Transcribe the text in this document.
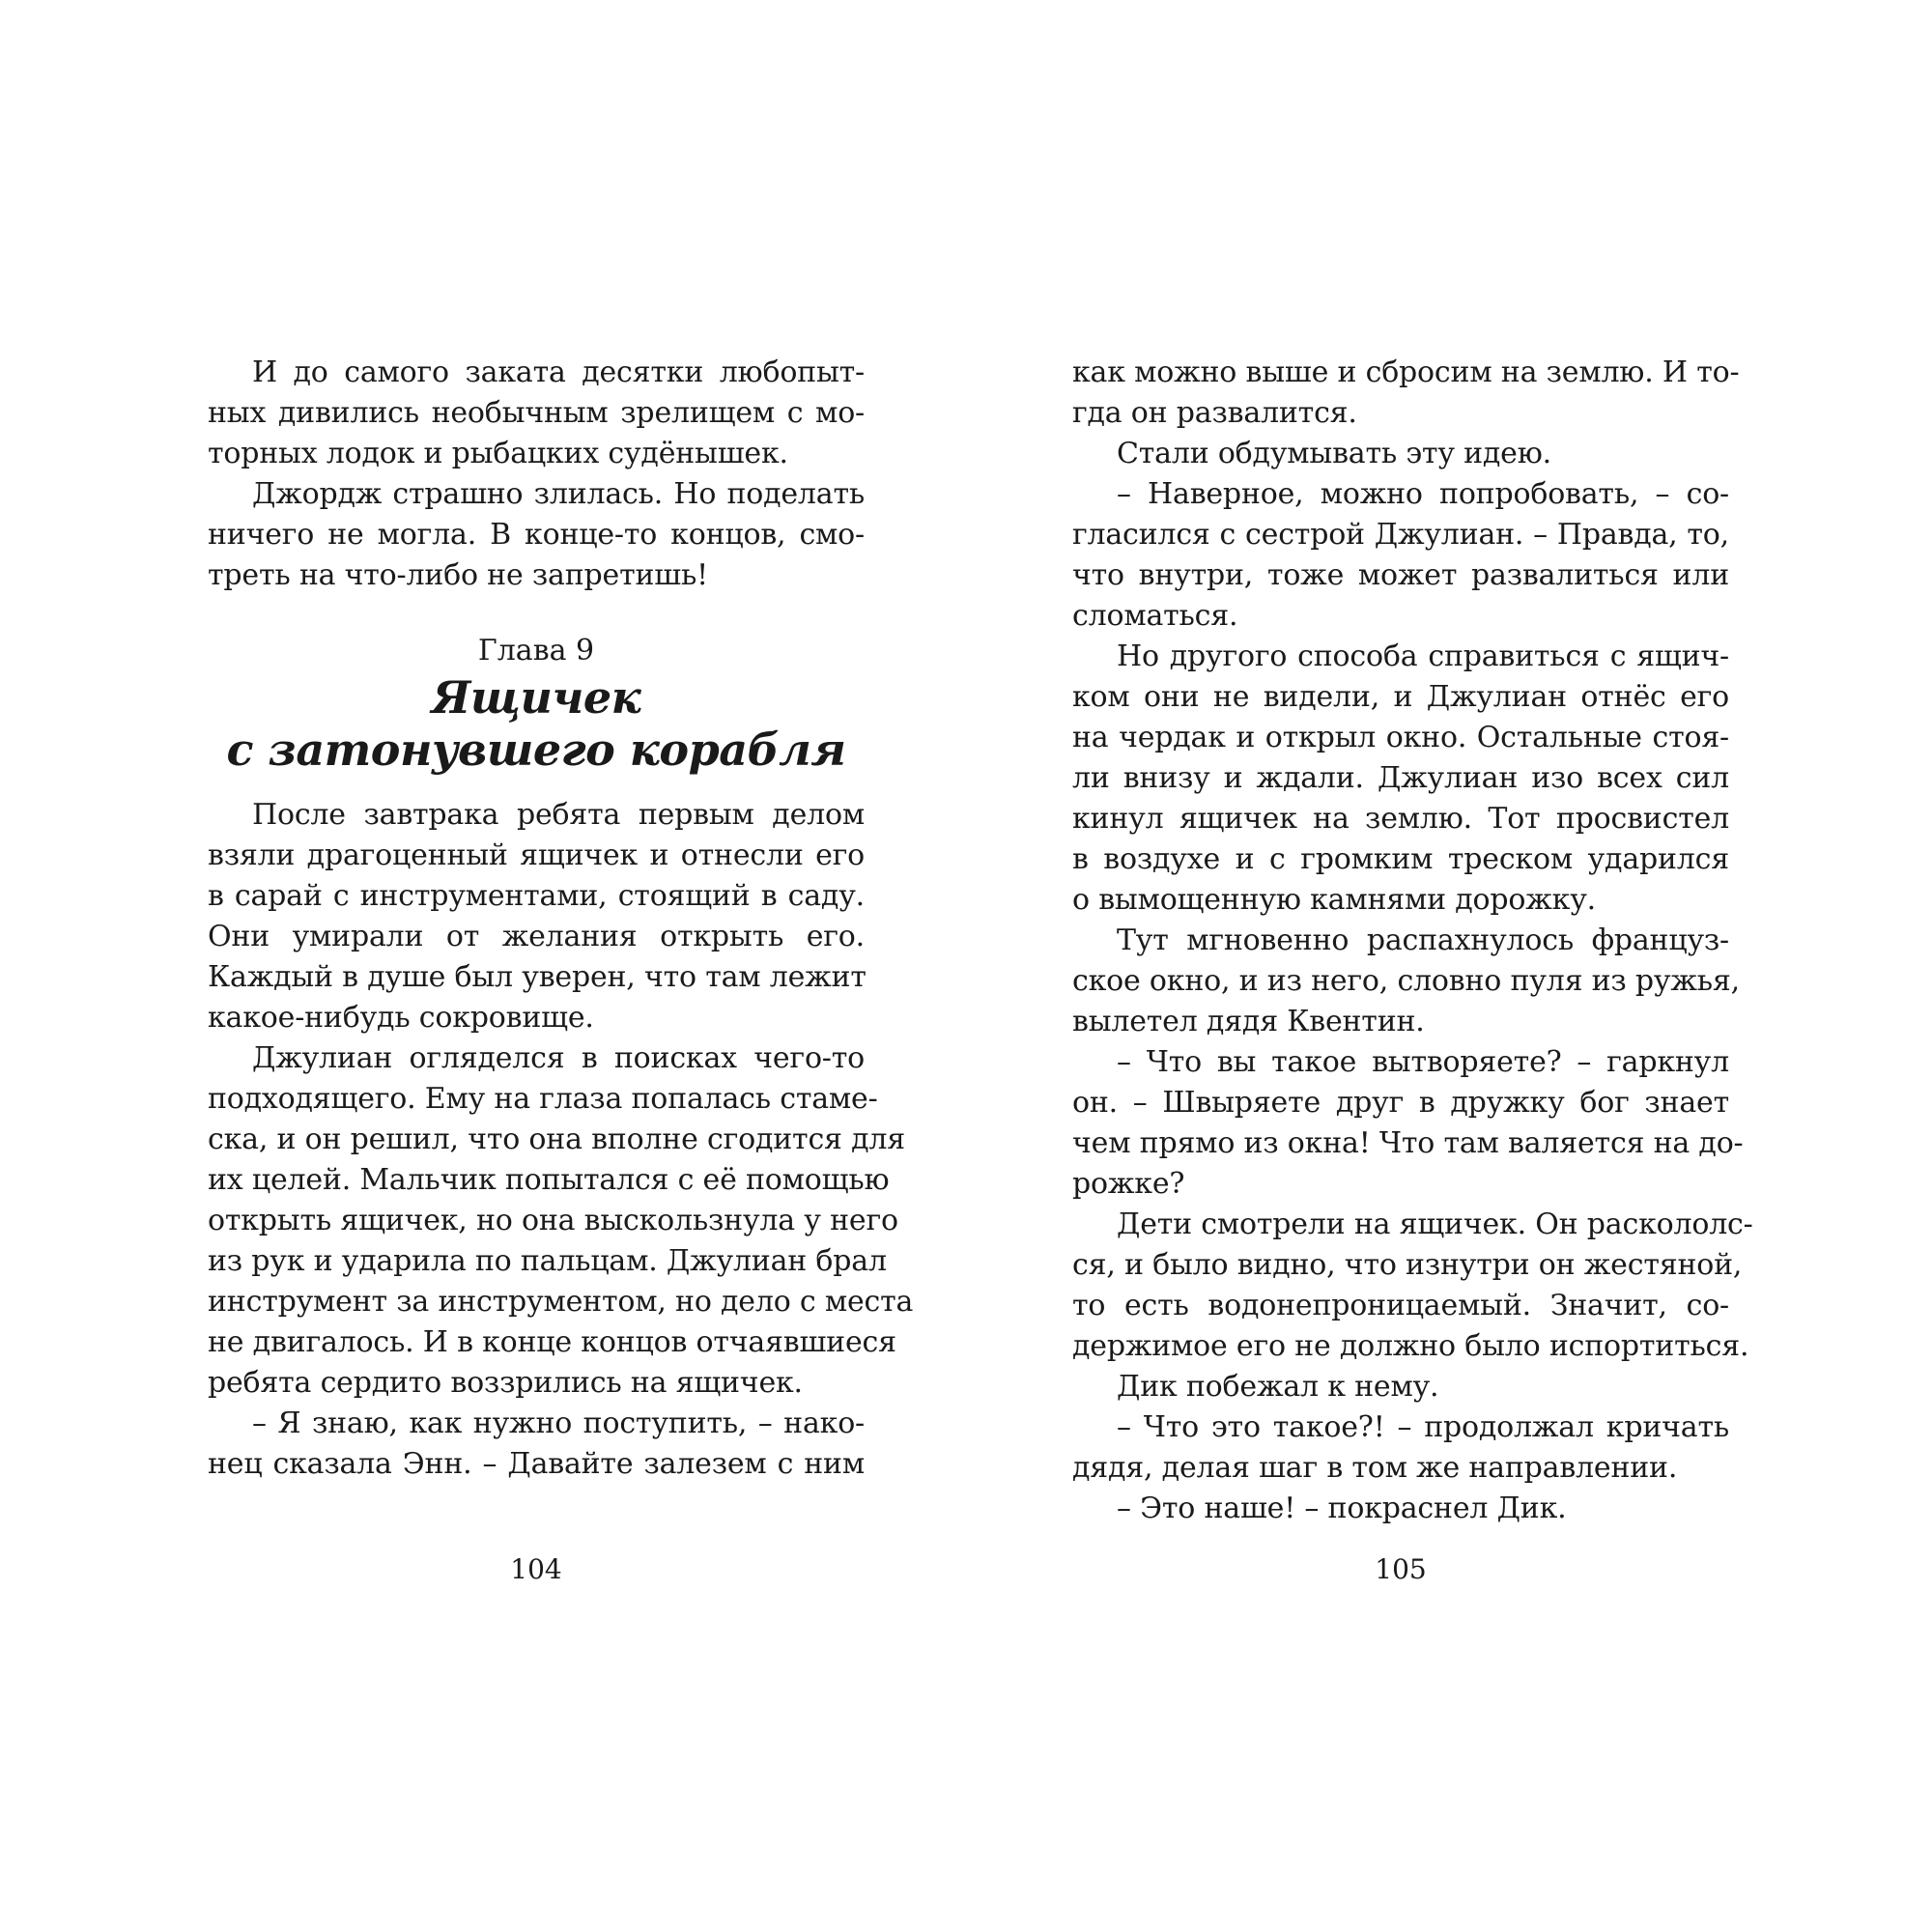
И до самого заката десятки любопыт-
ных дивились необычным зрелищем с мо-
торных лодок и рыбацких судёнышек.
Джордж страшно злилась. Но поделать
ничего не могла. В конце-то концов, смо-
треть на что-либо не запретишь!
Глава 9
Ящичек
с затонувшего корабля
После завтрака ребята первым делом
взяли драгоценный ящичек и отнесли его
в сарай с инструментами, стоящий в саду.
Они умирали от желания открыть его.
Каждый в душе был уверен, что там лежит
какое-нибудь сокровище.
Джулиан огляделся в поисках чего-то
подходящего. Ему на глаза попалась стаме-
ска, и он решил, что она вполне сгодится для
их целей. Мальчик попытался с её помощью
открыть ящичек, но она выскользнула у него
из рук и ударила по пальцам. Джулиан брал
инструмент за инструментом, но дело с места
не двигалось. И в конце концов отчаявшиеся
ребята сердито воззрились на ящичек.
– Я знаю, как нужно поступить, – нако-
нец сказала Энн. – Давайте залезем с ним
как можно выше и сбросим на землю. И то-
гда он развалится.
Стали обдумывать эту идею.
– Наверное, можно попробовать, – со-
гласился с сестрой Джулиан. – Правда, то,
что внутри, тоже может развалиться или
сломаться.
Но другого способа справиться с ящич-
ком они не видели, и Джулиан отнёс его
на чердак и открыл окно. Остальные стоя-
ли внизу и ждали. Джулиан изо всех сил
кинул ящичек на землю. Тот просвистел
в воздухе и с громким треском ударился
о вымощенную камнями дорожку.
Тут мгновенно распахнулось француз-
ское окно, и из него, словно пуля из ружья,
вылетел дядя Квентин.
– Что вы такое вытворяете? – гаркнул
он. – Швыряете друг в дружку бог знает
чем прямо из окна! Что там валяется на до-
рожке?
Дети смотрели на ящичек. Он раскололс-
ся, и было видно, что изнутри он жестяной,
то есть водонепроницаемый. Значит, со-
держимое его не должно было испортиться.
Дик побежал к нему.
– Что это такое?! – продолжал кричать
дядя, делая шаг в том же направлении.
– Это наше! – покраснел Дик.
104	105
